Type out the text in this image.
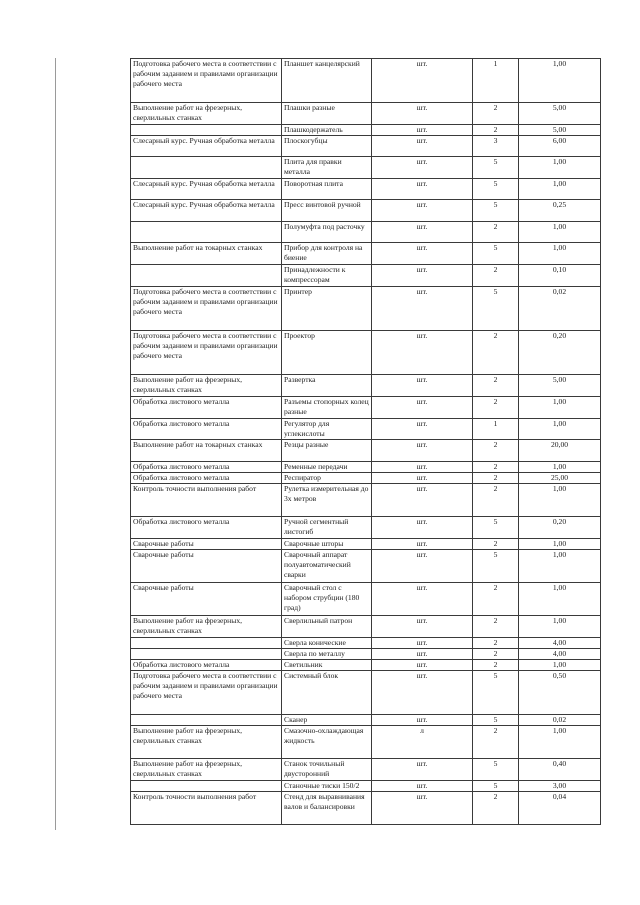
Подготовка рабочего места в соответствии с рабочим заданием и правилами организации рабочего места	Планшет канцелярский	шт.	1	1,00
Выполнение работ на фрезерных, сверлильных станках	Плашки разные	шт.	2	5,00
	Плашкодержатель	шт.	2	5,00
Слесарный курс. Ручная обработка металла	Плоскогубцы	шт.	3	6,00
	Плита для правки металла	шт.	5	1,00
Слесарный курс. Ручная обработка металла	Поворотная плита	шт.	5	1,00
Слесарный курс. Ручная обработка металла	Пресс винтовой ручной	шт.	5	0,25
	Полумуфта под расточку	шт.	2	1,00
Выполнение работ на токарных станках	Прибор для контроля на биение	шт.	5	1,00
	Принадлежности к компрессорам	шт.	2	0,10
Подготовка рабочего места в соответствии с рабочим заданием и правилами организации рабочего места	Принтер	шт.	5	0,02
Подготовка рабочего места в соответствии с рабочим заданием и правилами организации рабочего места	Проектор	шт.	2	0,20
Выполнение работ на фрезерных, сверлильных станках	Развертка	шт.	2	5,00
Обработка листового металла	Разъемы стопорных колец разные	шт.	2	1,00
Обработка листового металла	Регулятор для углекислоты	шт.	1	1,00
Выполнение работ на токарных станках	Резцы разные	шт.	2	20,00
Обработка листового металла	Ременные передачи	шт.	2	1,00
Обработка листового металла	Респиратор	шт.	2	25,00
Контроль точности выполнения работ	Рулетка измерительная до 3х метров	шт.	2	1,00
Обработка листового металла	Ручной сегментный листогиб	шт.	5	0,20
Сварочные работы	Сварочные шторы	шт.	2	1,00
Сварочные работы	Сварочный аппарат полуавтоматический сварки	шт.	5	1,00
Сварочные работы	Сварочный стол с набором струбцин (180 град)	шт.	2	1,00
Выполнение работ на фрезерных, сверлильных станках	Сверлильный патрон	шт.	2	1,00
	Сверла конические	шт.	2	4,00
	Сверла по металлу	шт.	2	4,00
Обработка листового металла	Светильник	шт.	2	1,00
Подготовка рабочего места в соответствии с рабочим заданием и правилами организации рабочего места	Системный блок	шт.	5	0,50
	Сканер	шт.	5	0,02
Выполнение работ на фрезерных, сверлильных станках	Смазочно-охлаждающая жидкость	л	2	1,00
Выполнение работ на фрезерных, сверлильных станках	Станок точильный двусторонний	шт.	5	0,40
	Станочные тиски 150/2	шт.	5	3,00
Контроль точности выполнения работ	Стенд для выравнивания валов и балансировки	шт.	2	0,04
